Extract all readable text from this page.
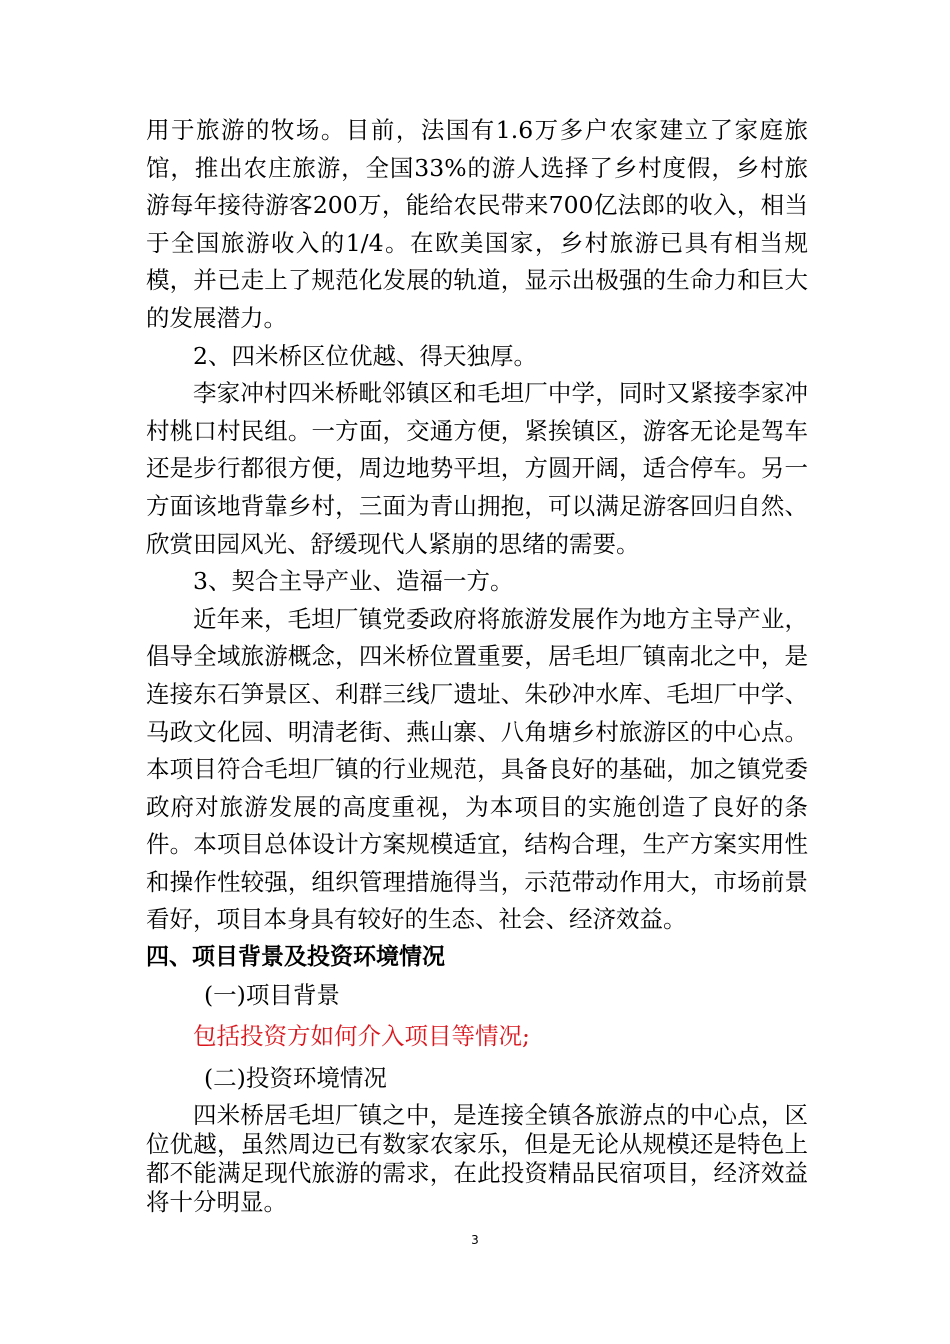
用于旅游的牧场。目前，法国有1.6万多户农家建立了家庭旅馆，推出农庄旅游，全国33%的游人选择了乡村度假，乡村旅游每年接待游客200万，能给农民带来700亿法郎的收入，相当于全国旅游收入的1/4。在欧美国家，乡村旅游已具有相当规模，并已走上了规范化发展的轨道，显示出极强的生命力和巨大的发展潜力。

2、四米桥区位优越、得天独厚。

李家冲村四米桥毗邻镇区和毛坦厂中学，同时又紧接李家冲村桃口村民组。一方面，交通方便，紧挨镇区，游客无论是驾车还是步行都很方便，周边地势平坦，方圆开阔，适合停车。另一方面该地背靠乡村，三面为青山拥抱，可以满足游客回归自然、欣赏田园风光、舒缓现代人紧崩的思绪的需要。

3、契合主导产业、造福一方。

近年来，毛坦厂镇党委政府将旅游发展作为地方主导产业，倡导全域旅游概念，四米桥位置重要，居毛坦厂镇南北之中，是连接东石笋景区、利群三线厂遗址、朱砂冲水库、毛坦厂中学、马政文化园、明清老街、燕山寨、八角塘乡村旅游区的中心点。本项目符合毛坦厂镇的行业规范，具备良好的基础，加之镇党委政府对旅游发展的高度重视，为本项目的实施创造了良好的条件。本项目总体设计方案规模适宜，结构合理，生产方案实用性和操作性较强，组织管理措施得当，示范带动作用大，市场前景看好，项目本身具有较好的生态、社会、经济效益。

四、项目背景及投资环境情况

(一)项目背景

包括投资方如何介入项目等情况;

(二)投资环境情况

四米桥居毛坦厂镇之中，是连接全镇各旅游点的中心点，区位优越，虽然周边已有数家农家乐，但是无论从规模还是特色上都不能满足现代旅游的需求，在此投资精品民宿项目，经济效益将十分明显。

3
